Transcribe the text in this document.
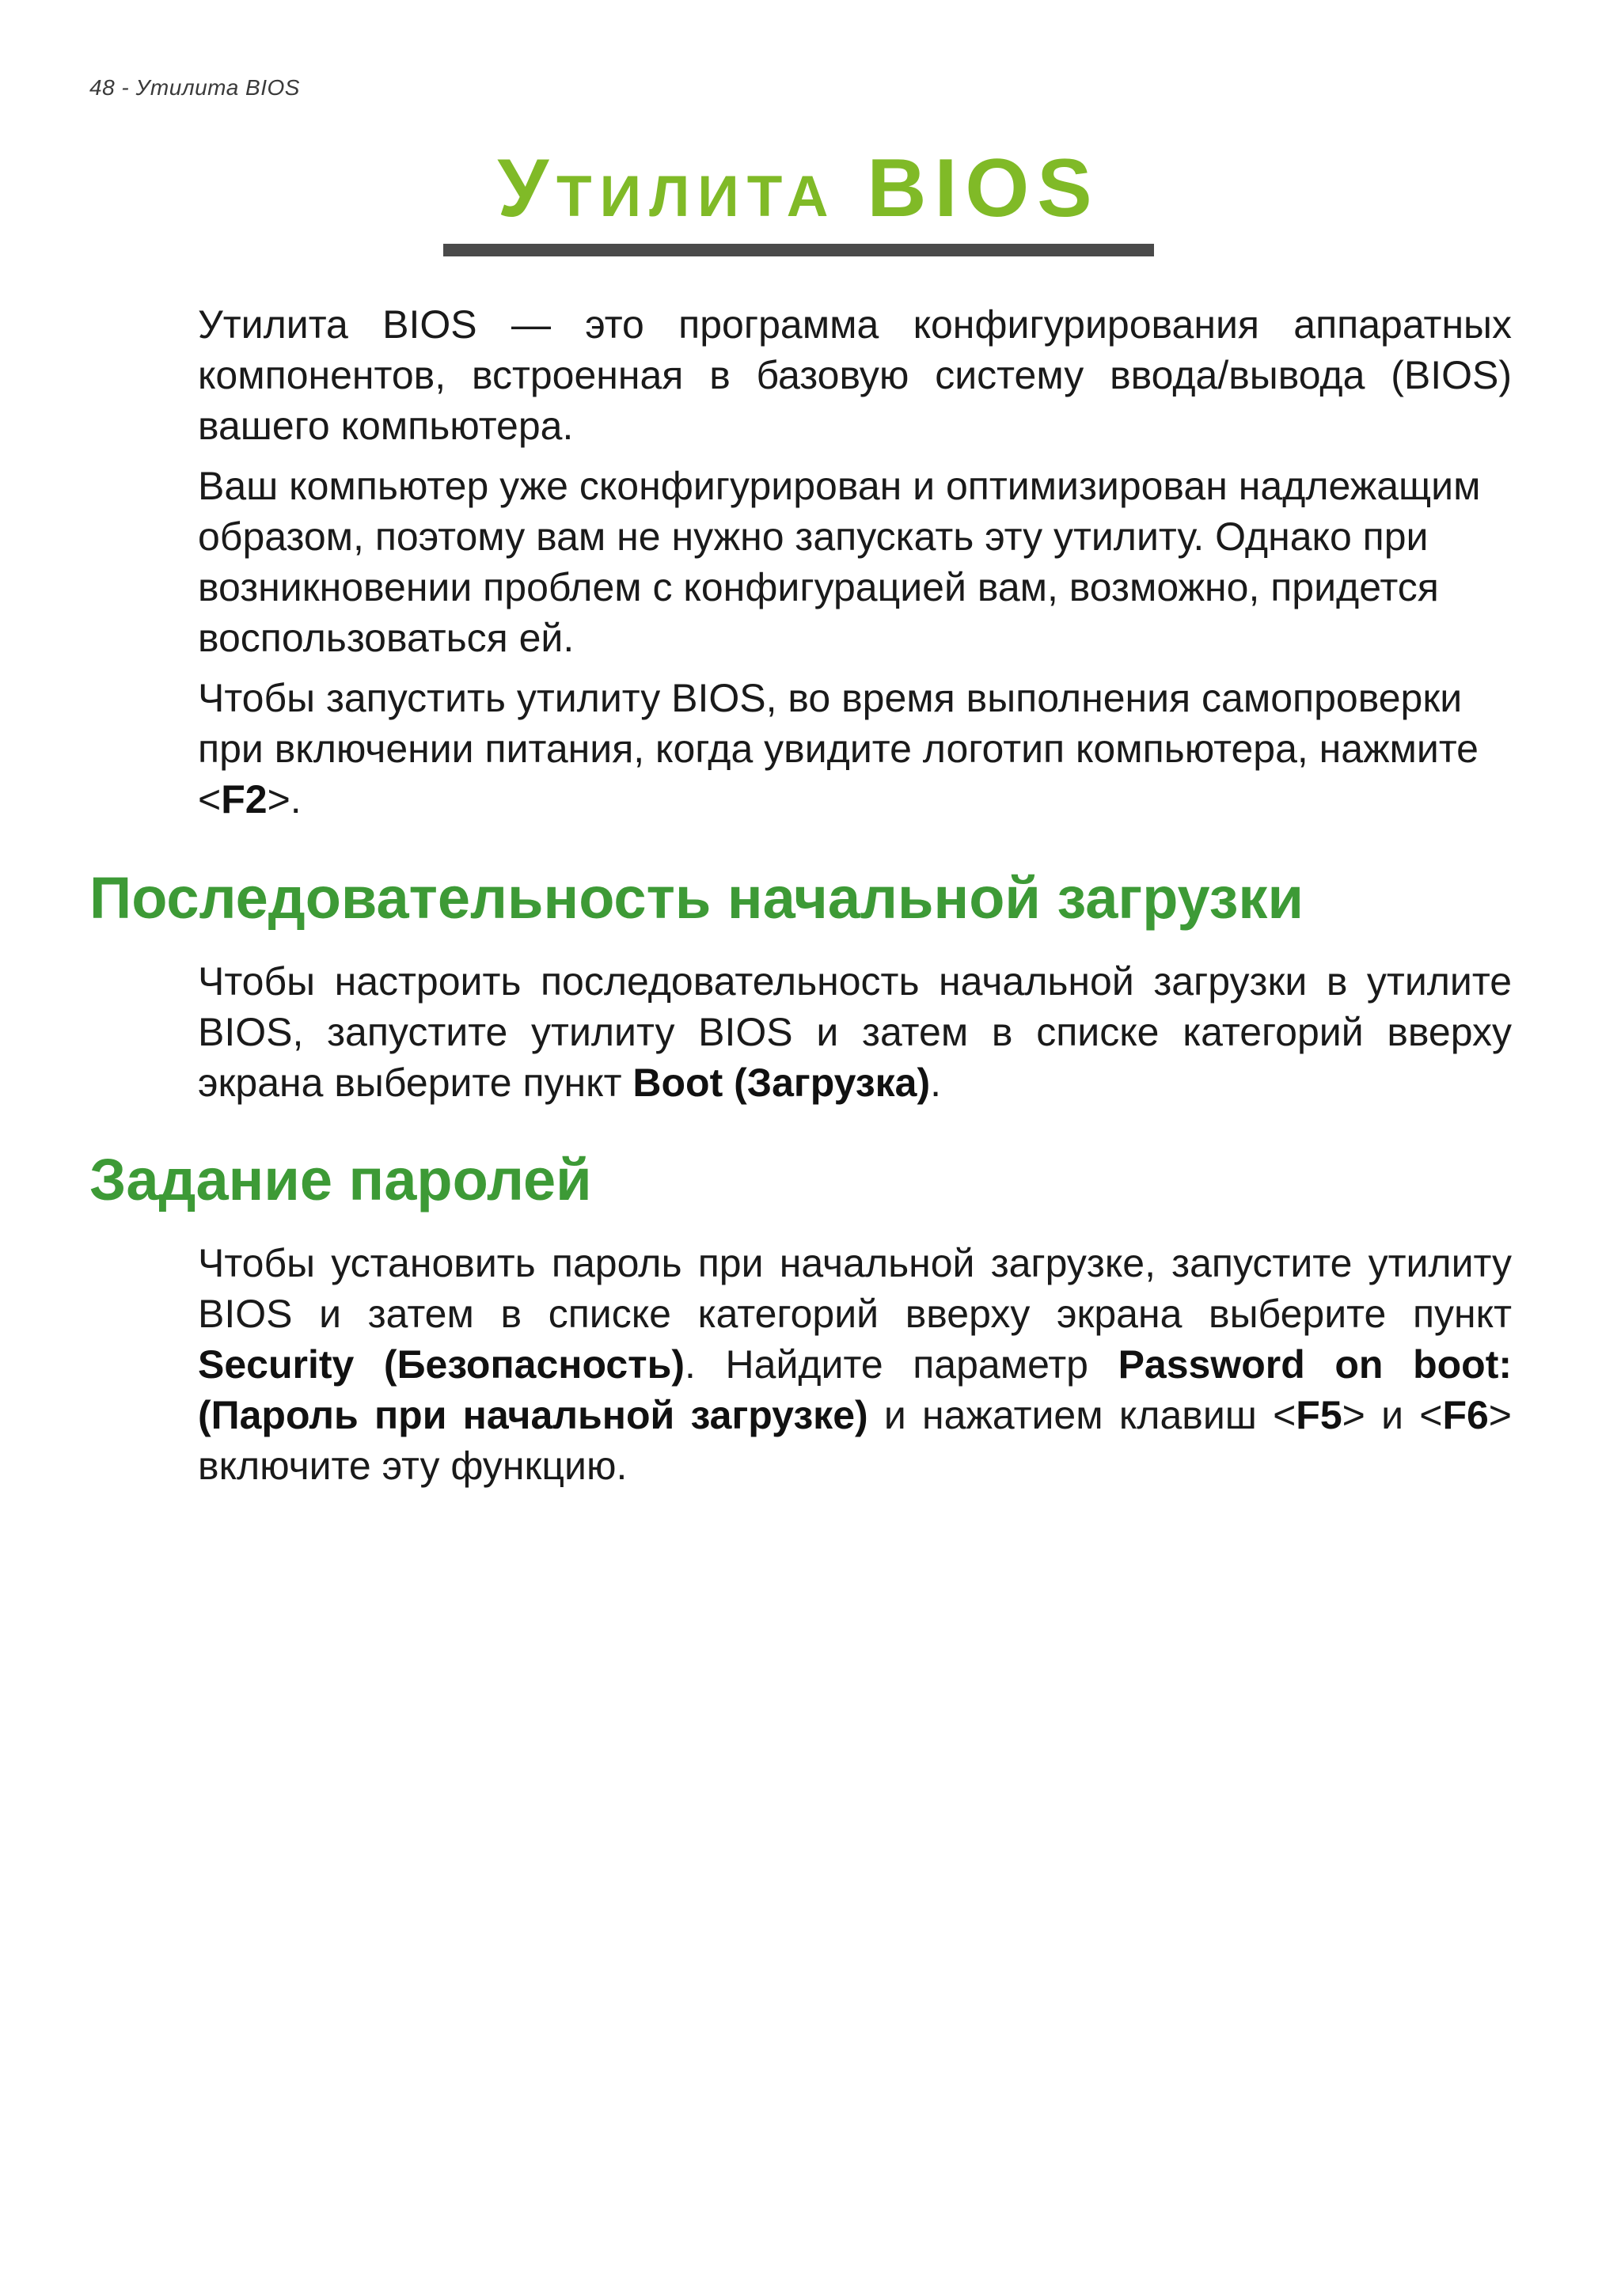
48 - Утилита BIOS
Утилита BIOS

Утилита BIOS — это программа конфигурирования аппаратных компонентов, встроенная в базовую систему ввода/вывода (BIOS) вашего компьютера.

Ваш компьютер уже сконфигурирован и оптимизирован надлежащим образом, поэтому вам не нужно запускать эту утилиту. Однако при возникновении проблем с конфигурацией вам, возможно, придется воспользоваться ей.

Чтобы запустить утилиту BIOS, во время выполнения самопроверки при включении питания, когда увидите логотип компьютера, нажмите <F2>.

Последовательность начальной загрузки

Чтобы настроить последовательность начальной загрузки в утилите BIOS, запустите утилиту BIOS и затем в списке категорий вверху экрана выберите пункт Boot (Загрузка).

Задание паролей

Чтобы установить пароль при начальной загрузке, запустите утилиту BIOS и затем в списке категорий вверху экрана выберите пункт Security (Безопасность). Найдите параметр Password on boot: (Пароль при начальной загрузке) и нажатием клавиш <F5> и <F6> включите эту функцию.
